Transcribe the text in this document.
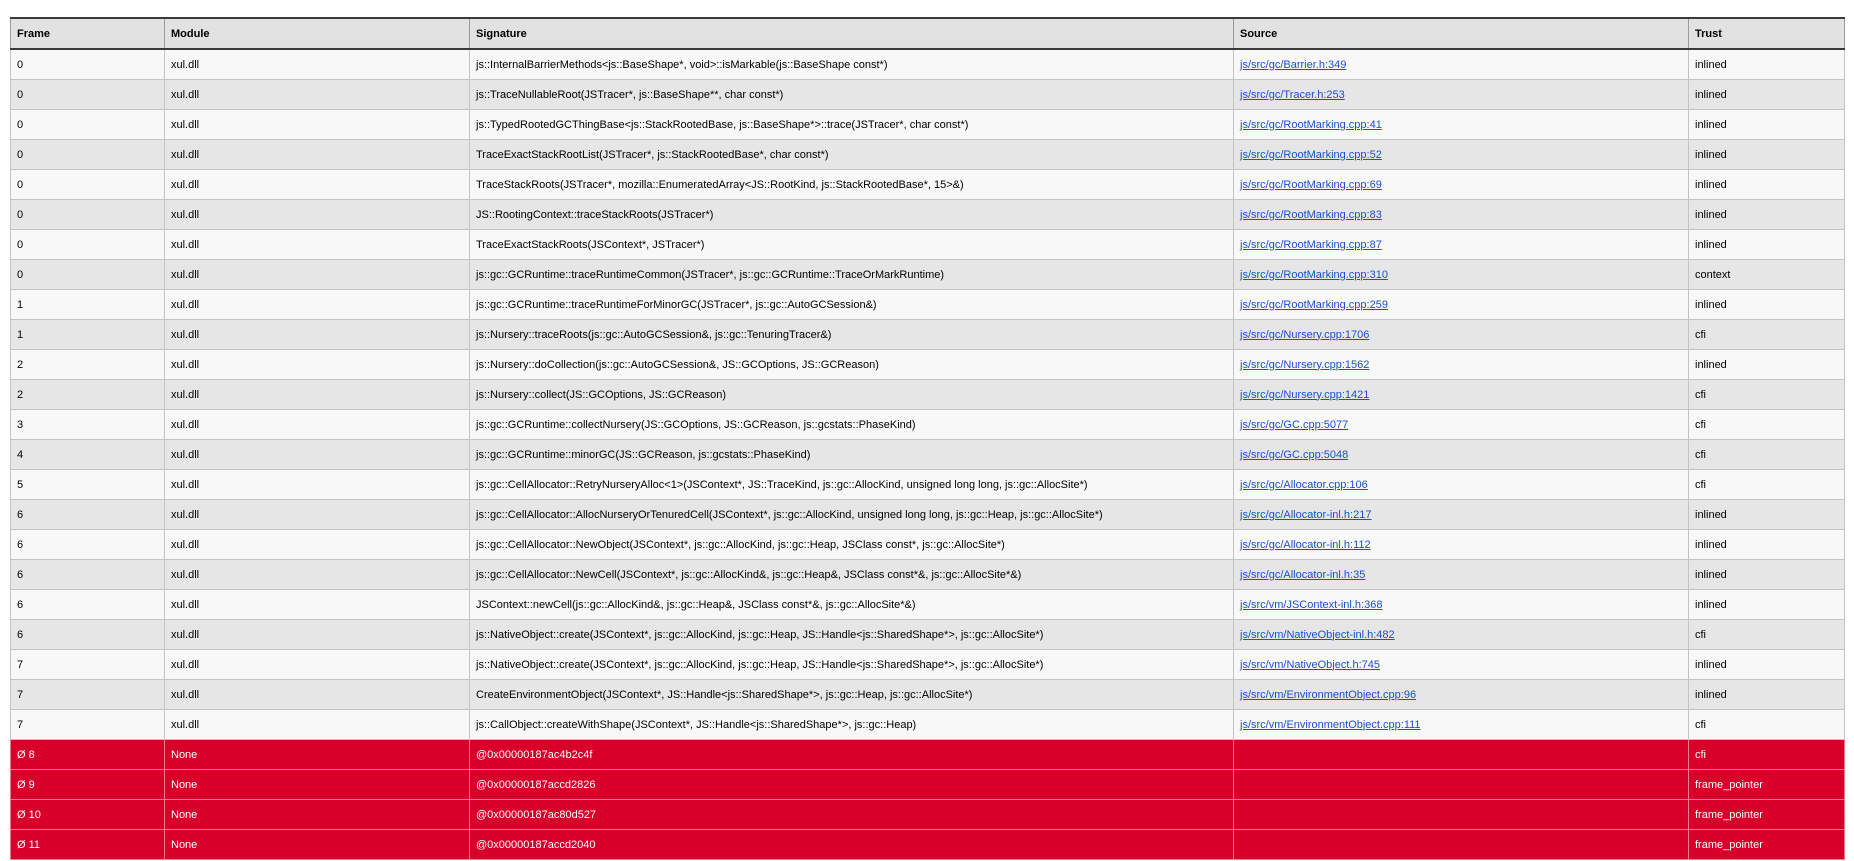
Frame	Module	Signature	Source	Trust
0	xul.dll	js::InternalBarrierMethods<js::BaseShape*, void>::isMarkable(js::BaseShape const*)	js/src/gc/Barrier.h:349	inlined
0	xul.dll	js::TraceNullableRoot(JSTracer*, js::BaseShape**, char const*)	js/src/gc/Tracer.h:253	inlined
0	xul.dll	js::TypedRootedGCThingBase<js::StackRootedBase, js::BaseShape*>::trace(JSTracer*, char const*)	js/src/gc/RootMarking.cpp:41	inlined
0	xul.dll	TraceExactStackRootList(JSTracer*, js::StackRootedBase*, char const*)	js/src/gc/RootMarking.cpp:52	inlined
0	xul.dll	TraceStackRoots(JSTracer*, mozilla::EnumeratedArray<JS::RootKind, js::StackRootedBase*, 15>&)	js/src/gc/RootMarking.cpp:69	inlined
0	xul.dll	JS::RootingContext::traceStackRoots(JSTracer*)	js/src/gc/RootMarking.cpp:83	inlined
0	xul.dll	TraceExactStackRoots(JSContext*, JSTracer*)	js/src/gc/RootMarking.cpp:87	inlined
0	xul.dll	js::gc::GCRuntime::traceRuntimeCommon(JSTracer*, js::gc::GCRuntime::TraceOrMarkRuntime)	js/src/gc/RootMarking.cpp:310	context
1	xul.dll	js::gc::GCRuntime::traceRuntimeForMinorGC(JSTracer*, js::gc::AutoGCSession&)	js/src/gc/RootMarking.cpp:259	inlined
1	xul.dll	js::Nursery::traceRoots(js::gc::AutoGCSession&, js::gc::TenuringTracer&)	js/src/gc/Nursery.cpp:1706	cfi
2	xul.dll	js::Nursery::doCollection(js::gc::AutoGCSession&, JS::GCOptions, JS::GCReason)	js/src/gc/Nursery.cpp:1562	inlined
2	xul.dll	js::Nursery::collect(JS::GCOptions, JS::GCReason)	js/src/gc/Nursery.cpp:1421	cfi
3	xul.dll	js::gc::GCRuntime::collectNursery(JS::GCOptions, JS::GCReason, js::gcstats::PhaseKind)	js/src/gc/GC.cpp:5077	cfi
4	xul.dll	js::gc::GCRuntime::minorGC(JS::GCReason, js::gcstats::PhaseKind)	js/src/gc/GC.cpp:5048	cfi
5	xul.dll	js::gc::CellAllocator::RetryNurseryAlloc<1>(JSContext*, JS::TraceKind, js::gc::AllocKind, unsigned long long, js::gc::AllocSite*)	js/src/gc/Allocator.cpp:106	cfi
6	xul.dll	js::gc::CellAllocator::AllocNurseryOrTenuredCell(JSContext*, js::gc::AllocKind, unsigned long long, js::gc::Heap, js::gc::AllocSite*)	js/src/gc/Allocator-inl.h:217	inlined
6	xul.dll	js::gc::CellAllocator::NewObject(JSContext*, js::gc::AllocKind, js::gc::Heap, JSClass const*, js::gc::AllocSite*)	js/src/gc/Allocator-inl.h:112	inlined
6	xul.dll	js::gc::CellAllocator::NewCell(JSContext*, js::gc::AllocKind&, js::gc::Heap&, JSClass const*&, js::gc::AllocSite*&)	js/src/gc/Allocator-inl.h:35	inlined
6	xul.dll	JSContext::newCell(js::gc::AllocKind&, js::gc::Heap&, JSClass const*&, js::gc::AllocSite*&)	js/src/vm/JSContext-inl.h:368	inlined
6	xul.dll	js::NativeObject::create(JSContext*, js::gc::AllocKind, js::gc::Heap, JS::Handle<js::SharedShape*>, js::gc::AllocSite*)	js/src/vm/NativeObject-inl.h:482	cfi
7	xul.dll	js::NativeObject::create(JSContext*, js::gc::AllocKind, js::gc::Heap, JS::Handle<js::SharedShape*>, js::gc::AllocSite*)	js/src/vm/NativeObject.h:745	inlined
7	xul.dll	CreateEnvironmentObject(JSContext*, JS::Handle<js::SharedShape*>, js::gc::Heap, js::gc::AllocSite*)	js/src/vm/EnvironmentObject.cpp:96	inlined
7	xul.dll	js::CallObject::createWithShape(JSContext*, JS::Handle<js::SharedShape*>, js::gc::Heap)	js/src/vm/EnvironmentObject.cpp:111	cfi
Ø 8	None	@0x00000187ac4b2c4f		cfi
Ø 9	None	@0x00000187accd2826		frame_pointer
Ø 10	None	@0x00000187ac80d527		frame_pointer
Ø 11	None	@0x00000187accd2040		frame_pointer
